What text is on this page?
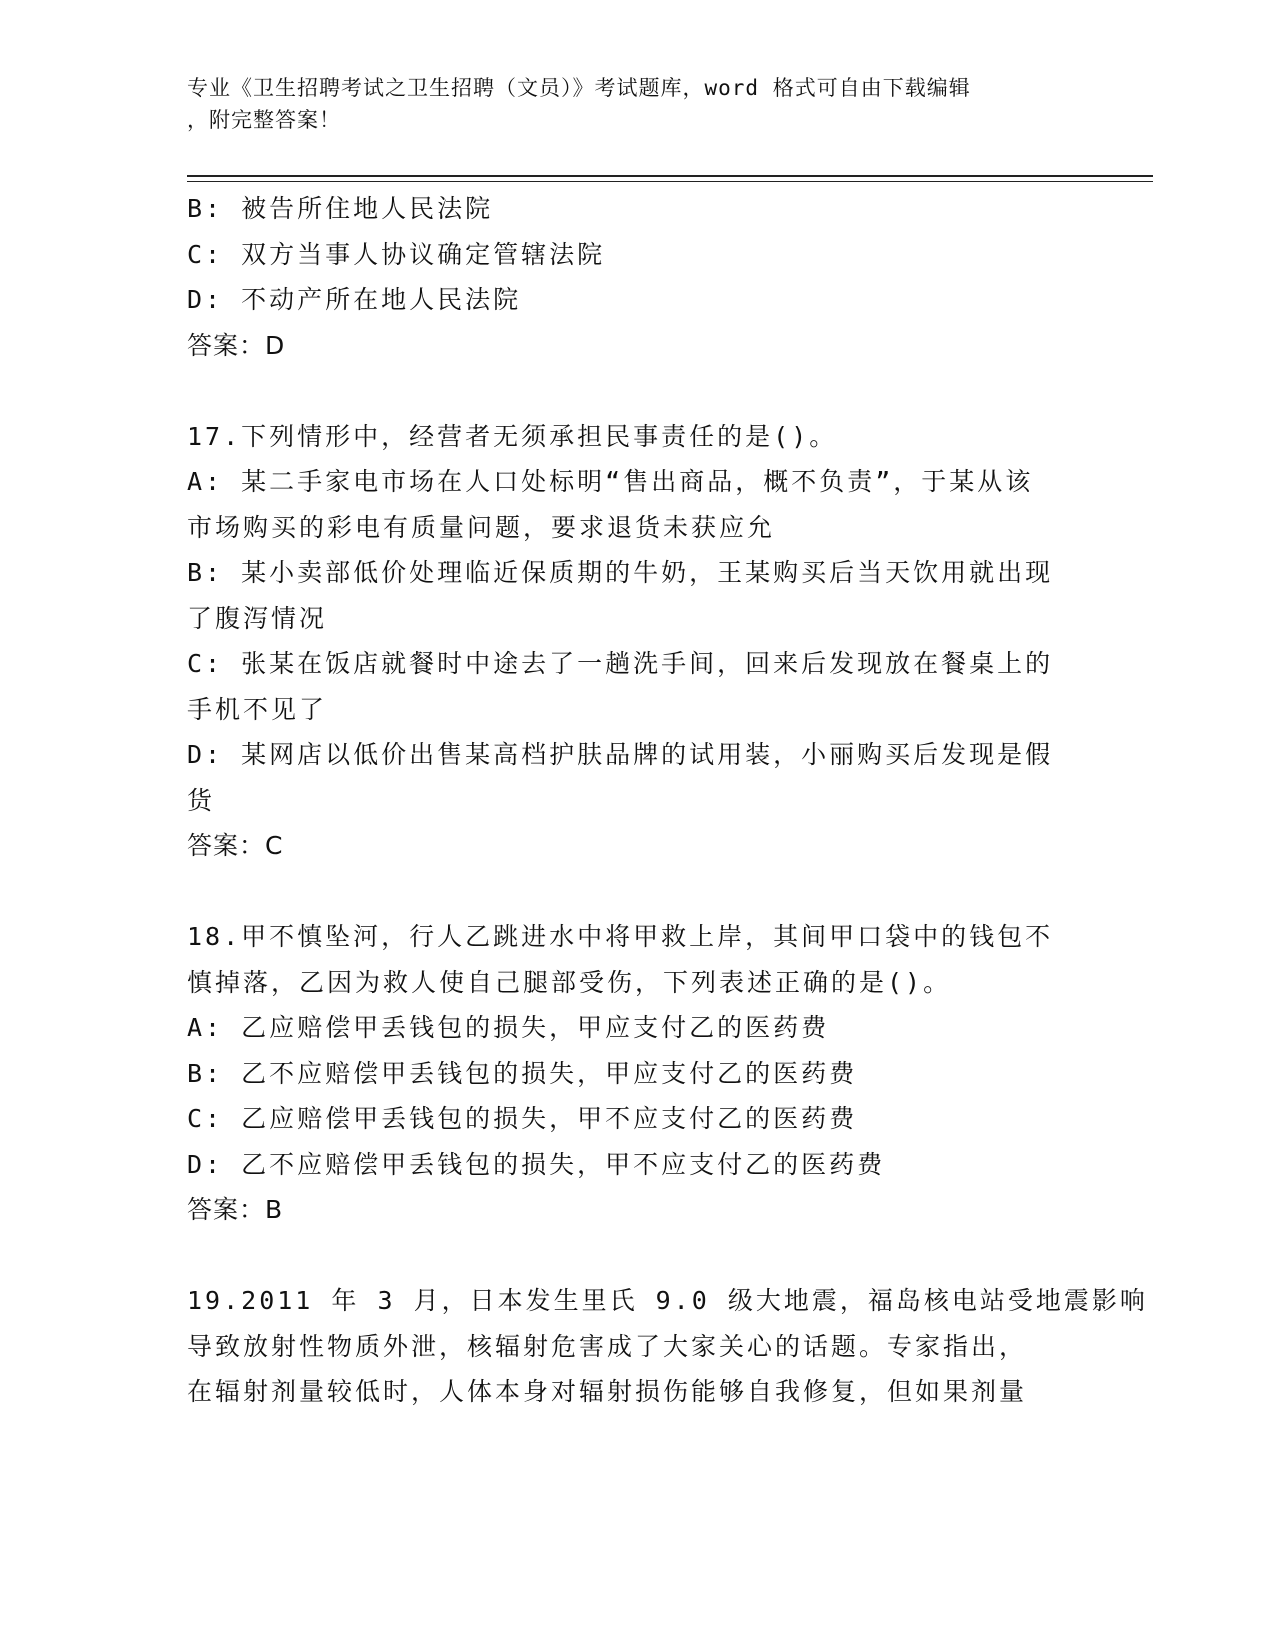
专业《卫生招聘考试之卫生招聘（文员）》考试题库，word 格式可自由下载编辑
，附完整答案！
B: 被告所住地人民法院
C: 双方当事人协议确定管辖法院
D: 不动产所在地人民法院
答案：D
17.下列情形中，经营者无须承担民事责任的是()。
A: 某二手家电市场在人口处标明“售出商品，概不负责”，于某从该
市场购买的彩电有质量问题，要求退货未获应允
B: 某小卖部低价处理临近保质期的牛奶，王某购买后当天饮用就出现
了腹泻情况
C: 张某在饭店就餐时中途去了一趟洗手间，回来后发现放在餐桌上的
手机不见了
D: 某网店以低价出售某高档护肤品牌的试用装，小丽购买后发现是假
货
答案：C
18.甲不慎坠河，行人乙跳进水中将甲救上岸，其间甲口袋中的钱包不
慎掉落，乙因为救人使自己腿部受伤，下列表述正确的是()。
A: 乙应赔偿甲丢钱包的损失，甲应支付乙的医药费
B: 乙不应赔偿甲丢钱包的损失，甲应支付乙的医药费
C: 乙应赔偿甲丢钱包的损失，甲不应支付乙的医药费
D: 乙不应赔偿甲丢钱包的损失，甲不应支付乙的医药费
答案：B
19.2011 年 3 月，日本发生里氏 9.0 级大地震，福岛核电站受地震影响
导致放射性物质外泄，核辐射危害成了大家关心的话题。专家指出，
在辐射剂量较低时，人体本身对辐射损伤能够自我修复，但如果剂量
